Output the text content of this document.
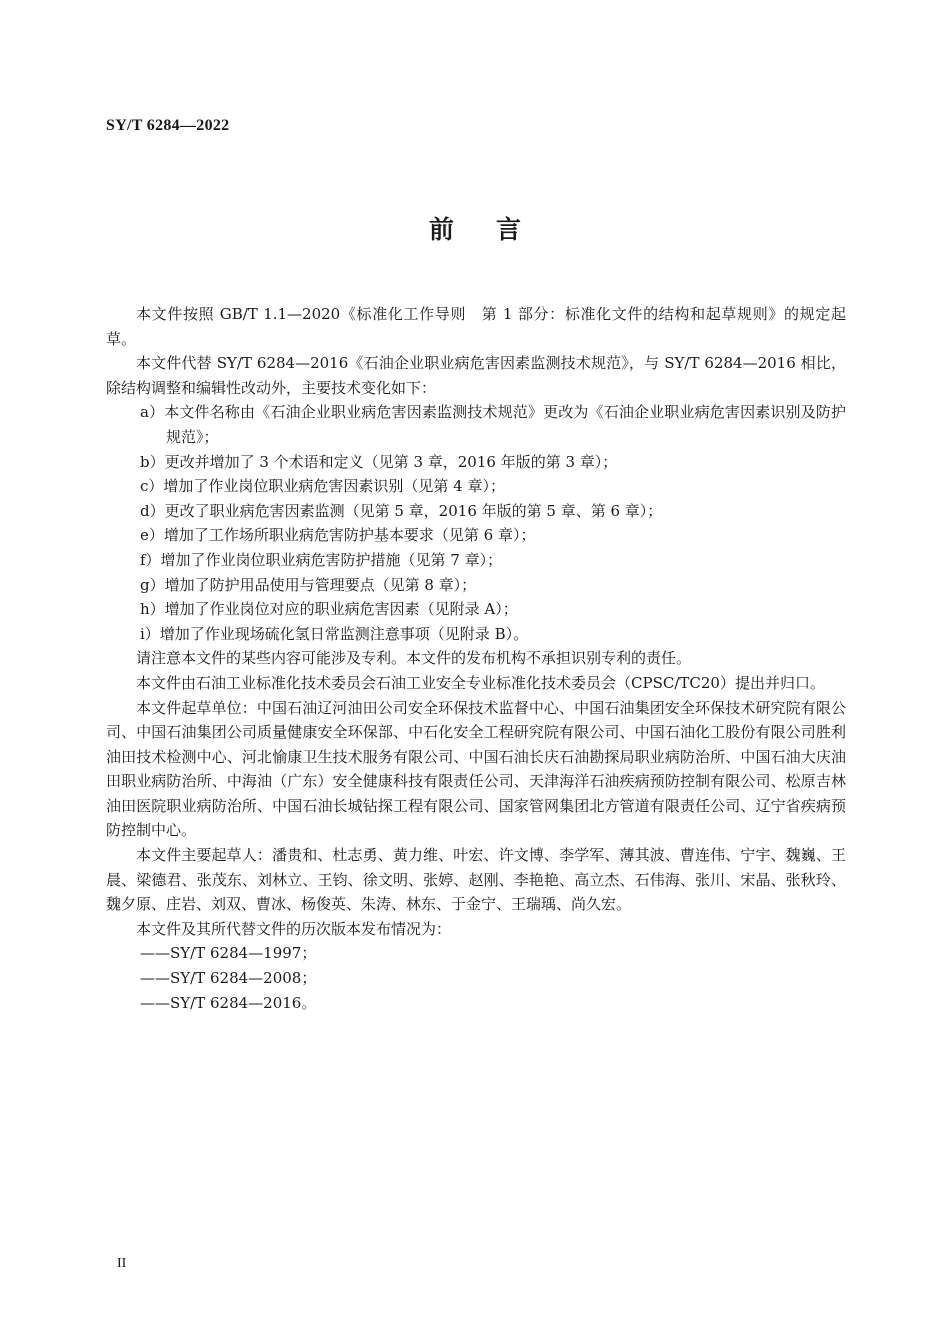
SY/T 6284—2022
前言

本文件按照 GB/T 1.1—2020《标准化工作导则　第 1 部分：标准化文件的结构和起草规则》的规定起草。

本文件代替 SY/T 6284—2016《石油企业职业病危害因素监测技术规范》，与 SY/T 6284—2016 相比，除结构调整和编辑性改动外，主要技术变化如下：

a）本文件名称由《石油企业职业病危害因素监测技术规范》更改为《石油企业职业病危害因素识别及防护规范》；

b）更改并增加了 3 个术语和定义（见第 3 章，2016 年版的第 3 章）；

c）增加了作业岗位职业病危害因素识别（见第 4 章）；

d）更改了职业病危害因素监测（见第 5 章，2016 年版的第 5 章、第 6 章）；

e）增加了工作场所职业病危害防护基本要求（见第 6 章）；

f）增加了作业岗位职业病危害防护措施（见第 7 章）；

g）增加了防护用品使用与管理要点（见第 8 章）；

h）增加了作业岗位对应的职业病危害因素（见附录 A）；

i）增加了作业现场硫化氢日常监测注意事项（见附录 B）。

请注意本文件的某些内容可能涉及专利。本文件的发布机构不承担识别专利的责任。

本文件由石油工业标准化技术委员会石油工业安全专业标准化技术委员会（CPSC/TC20）提出并归口。

本文件起草单位：中国石油辽河油田公司安全环保技术监督中心、中国石油集团安全环保技术研究院有限公司、中国石油集团公司质量健康安全环保部、中石化安全工程研究院有限公司、中国石油化工股份有限公司胜利油田技术检测中心、河北愉康卫生技术服务有限公司、中国石油长庆石油勘探局职业病防治所、中国石油大庆油田职业病防治所、中海油（广东）安全健康科技有限责任公司、天津海洋石油疾病预防控制有限公司、松原吉林油田医院职业病防治所、中国石油长城钻探工程有限公司、国家管网集团北方管道有限责任公司、辽宁省疾病预防控制中心。

本文件主要起草人：潘贵和、杜志勇、黄力维、叶宏、许文博、李学军、薄其波、曹连伟、宁宇、魏巍、王晨、梁德君、张茂东、刘林立、王钧、徐文明、张婷、赵刚、李艳艳、高立杰、石伟海、张川、宋晶、张秋玲、魏夕原、庄岩、刘双、曹冰、杨俊英、朱涛、林东、于金宁、王瑞瑀、尚久宏。

本文件及其所代替文件的历次版本发布情况为：

——SY/T 6284—1997；

——SY/T 6284—2008；

——SY/T 6284—2016。

II
